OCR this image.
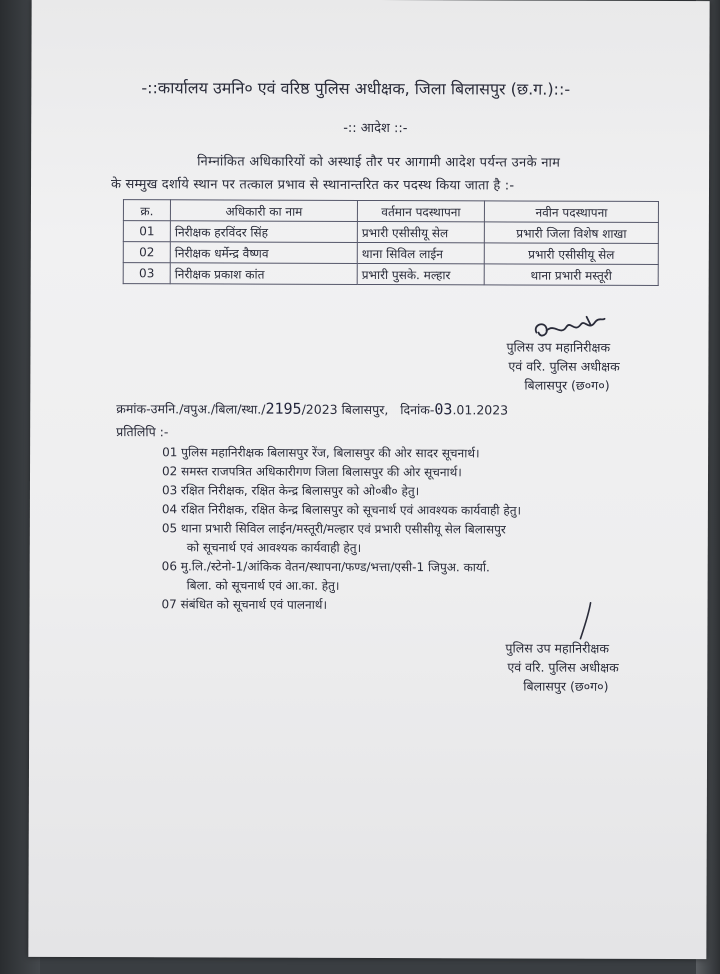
-::कार्यालय उमनि० एवं वरिष्ठ पुलिस अधीक्षक, जिला बिलासपुर (छ.ग.)::-
-:: आदेश ::-
निम्नांकित अधिकारियों को अस्थाई तौर पर आगामी आदेश पर्यन्त उनके नाम
के सम्मुख दर्शाये स्थान पर तत्काल प्रभाव से स्थानान्तरित कर पदस्थ किया जाता है :-
क्र.	अधिकारी का नाम	वर्तमान पदस्थापना	नवीन पदस्थापना
01	निरीक्षक हरविंदर सिंह	प्रभारी एसीसीयू सेल	प्रभारी जिला विशेष शाखा
02	निरीक्षक धर्मेन्द्र वैष्णव	थाना सिविल लाईन	प्रभारी एसीसीयू सेल
03	निरीक्षक प्रकाश कांत	प्रभारी पुसके. मल्हार	थाना प्रभारी मस्तूरी
पुलिस उप महानिरीक्षक
एवं वरि. पुलिस अधीक्षक
बिलासपुर (छ०ग०)
क्रमांक-उमनि./वपुअ./बिला/स्था./2195/2023 बिलासपुर, दिनांक-03.01.2023
प्रतिलिपि :-
01 पुलिस महानिरीक्षक बिलासपुर रेंज, बिलासपुर की ओर सादर सूचनार्थ।
02 समस्त राजपत्रित अधिकारीगण जिला बिलासपुर की ओर सूचनार्थ।
03 रक्षित निरीक्षक, रक्षित केन्द्र बिलासपुर को ओ०बी० हेतु।
04 रक्षित निरीक्षक, रक्षित केन्द्र बिलासपुर को सूचनार्थ एवं आवश्यक कार्यवाही हेतु।
05 थाना प्रभारी सिविल लाईन/मस्तूरी/मल्हार एवं प्रभारी एसीसीयू सेल बिलासपुर
को सूचनार्थ एवं आवश्यक कार्यवाही हेतु।
06 मु.लि./स्टेनो-1/आंकिक वेतन/स्थापना/फण्ड/भत्ता/एसी-1 जिपुअ. कार्या.
बिला. को सूचनार्थ एवं आ.का. हेतु।
07 संबंधित को सूचनार्थ एवं पालनार्थ।
पुलिस उप महानिरीक्षक
एवं वरि. पुलिस अधीक्षक
बिलासपुर (छ०ग०)
